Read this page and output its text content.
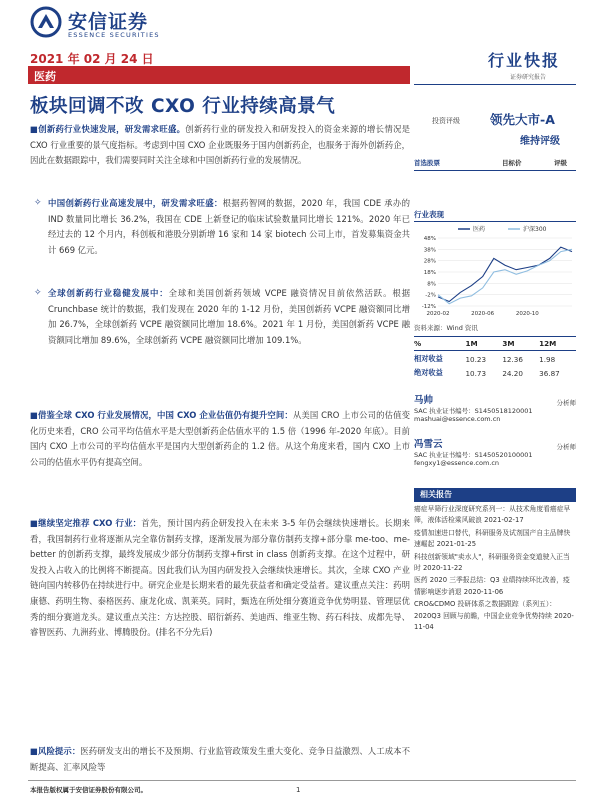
安信证券
ESSENCE SECURITIES
2021 年 02 月 24 日
医药
行业快报
证券研究报告
板块回调不改 CXO 行业持续高景气
■创新药行业快速发展，研发需求旺盛。创新药行业的研发投入和研发投入的资金来源的增长情况是 CXO 行业重要的景气度指标。考虑到中国 CXO 企业既服务于国内创新药企，也服务于海外创新药企，因此在数据跟踪中，我们需要同时关注全球和中国创新药行业的发展情况。
✧ 中国创新药行业高速发展中，研发需求旺盛：根据药智网的数据，2020 年，我国 CDE 承办的 IND 数量同比增长 36.2%，我国在 CDE 上新登记的临床试验数量同比增长 121%。2020 年已经过去的 12 个月内，科创板和港股分别新增 16 家和 14 家 biotech 公司上市，首发募集资金共计 669 亿元。
✧ 全球创新药行业稳健发展中：全球和美国创新药领域 VCPE 融资情况目前依然活跃。根据 Crunchbase 统计的数据，我们发现在 2020 年的 1-12 月份，美国创新药 VCPE 融资额同比增加 26.7%，全球创新药 VCPE 融资额同比增加 18.6%。2021 年 1 月份，美国创新药 VCPE 融资额同比增加 89.6%，全球创新药 VCPE 融资额同比增加 109.1%。
■借鉴全球 CXO 行业发展情况，中国 CXO 企业估值仍有提升空间：从美国 CRO 上市公司的估值变化历史来看，CRO 公司平均估值水平是大型创新药企估值水平的 1.5 倍（1996 年-2020 年底）。目前国内 CXO 上市公司的平均估值水平是国内大型创新药企的 1.2 倍。从这个角度来看，国内 CXO 上市公司的估值水平仍有提高空间。
■继续坚定推荐 CXO 行业：首先，预计国内药企研发投入在未来 3-5 年仍会继续快速增长。长期来看，我国制药行业将逐渐从完全靠仿制药支撑，逐渐发展为部分靠仿制药支撑+部分靠 me-too、me-better 的创新药支撑，最终发展成少部分仿制药支撑+first in class 创新药支撑。在这个过程中，研发投入占收入的比例将不断提高。因此我们认为国内研发投入会继续快速增长。其次，全球 CXO 产业链向国内转移仍在持续进行中。研究企业是长期来看的最先获益者和确定受益者。建议重点关注：药明康德、药明生物、泰格医药、康龙化成、凯莱英。同时，甄选在所处细分赛道竞争优势明显、管理层优秀的细分赛道龙头。建议重点关注：方达控股、昭衍新药、美迪西、维亚生物、药石科技、成都先导、睿智医药、九洲药业、博腾股份。(排名不分先后)
■风险提示：医药研发支出的增长不及预期、行业监管政策发生重大变化、竞争日益激烈、人工成本不断提高、汇率风险等
投资评级 领先大市-A
维持评级
首选股票	目标价	评级
行业表现
48%
38%
28%
18%
8%
-2%
-12%
2020-02	2020-06	2020-10
医药	沪深300
资料来源：Wind 资讯
%	1M	3M	12M
相对收益	10.23	12.36	1.98
绝对收益	10.73	24.20	36.87
马帅	分析师
SAC 执业证书编号：S1450518120001
mashuai@essence.com.cn
冯雪云	分析师
SAC 执业证书编号：S1450520100001
fengxy1@essence.com.cn
相关报告
癌症早筛行业深度研究系列一：从技术角度看癌症早筛，液体活检乘风破浪 2021-02-17
疫情加速进口替代，科研服务及试剂国产自主品牌快速崛起 2021-01-25
科技创新领域"卖水人"，科研服务资金变道驶入正当时 2020-11-22
医药 2020 三季报总结：Q3 业绩持续环比改善，疫情影响逐步消退 2020-11-06
CRO&CDMO 投研体系之数据跟踪（系列五）：2020Q3 回顾与前瞻，中国企业竞争优势持续 2020-11-04
本报告版权属于安信证券股份有限公司。	1
